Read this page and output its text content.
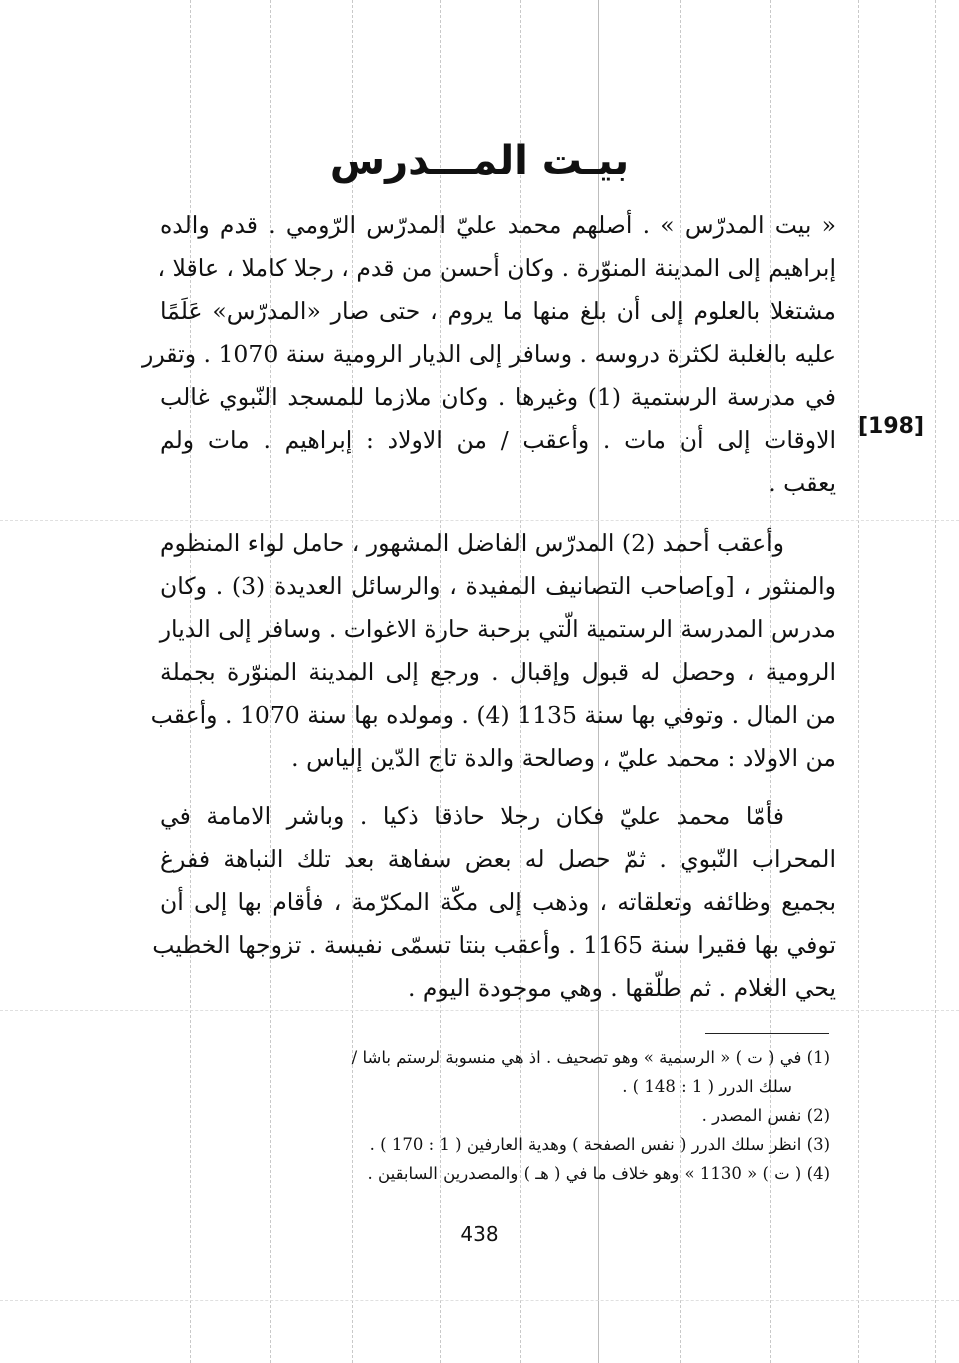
بيـت المـــدرس
« بيت المدرّس » . أصلهم محمد عليّ المدرّس الرّومي . قدم والده
إبراهيم إلى المدينة المنوّرة . وكان أحسن من قدم ، رجلا كاملا ، عاقلا ،
مشتغلا بالعلوم إلى أن بلغ منها ما يروم ، حتى صار «المدرّس» عَلَمًا
عليه بالغلبة لكثرة دروسه . وسافر إلى الديار الرومية سنة 1070 . وتقرر
في مدرسة الرستمية (1) وغيرها . وكان ملازما للمسجد النّبوي غالب
الاوقات إلى أن مات . وأعقب / من الاولاد : إبراهيم . مات ولم
يعقب .
[198]
وأعقب أحمد (2) المدرّس الفاضل المشهور ، حامل لواء المنظوم
والمنثور ، [و]صاحب التصانيف المفيدة ، والرسائل العديدة (3) . وكان
مدرس المدرسة الرستمية الّتي برحبة حارة الاغوات . وسافر إلى الديار
الرومية ، وحصل له قبول وإقبال . ورجع إلى المدينة المنوّرة بجملة
من المال . وتوفي بها سنة 1135 (4) . ومولده بها سنة 1070 . وأعقب
من الاولاد : محمد عليّ ، وصالحة والدة تاج الدّين إلياس .
فأمّا محمد عليّ فكان رجلا حاذقا ذكيا . وباشر الامامة في
المحراب النّبوي . ثمّ حصل له بعض سفاهة بعد تلك النباهة ففرغ
بجميع وظائفه وتعلقاته ، وذهب إلى مكّة المكرّمة ، فأقام بها إلى أن
توفي بها فقيرا سنة 1165 . وأعقب بنتا تسمّى نفيسة . تزوجها الخطيب
يحي الغلام . ثم طلّقها . وهي موجودة اليوم .
(1) في ( ت ) « الرسمية » وهو تصحيف . اذ هي منسوبة لرستم باشا /
سلك الدرر ( 1 : 148 ) .
(2) نفس المصدر .
(3) انظر سلك الدرر ( نفس الصفحة ) وهدية العارفين ( 1 : 170 ) .
(4) ( ت ) « 1130 » وهو خلاف ما في ( هـ ) والمصدرين السابقين .
438
